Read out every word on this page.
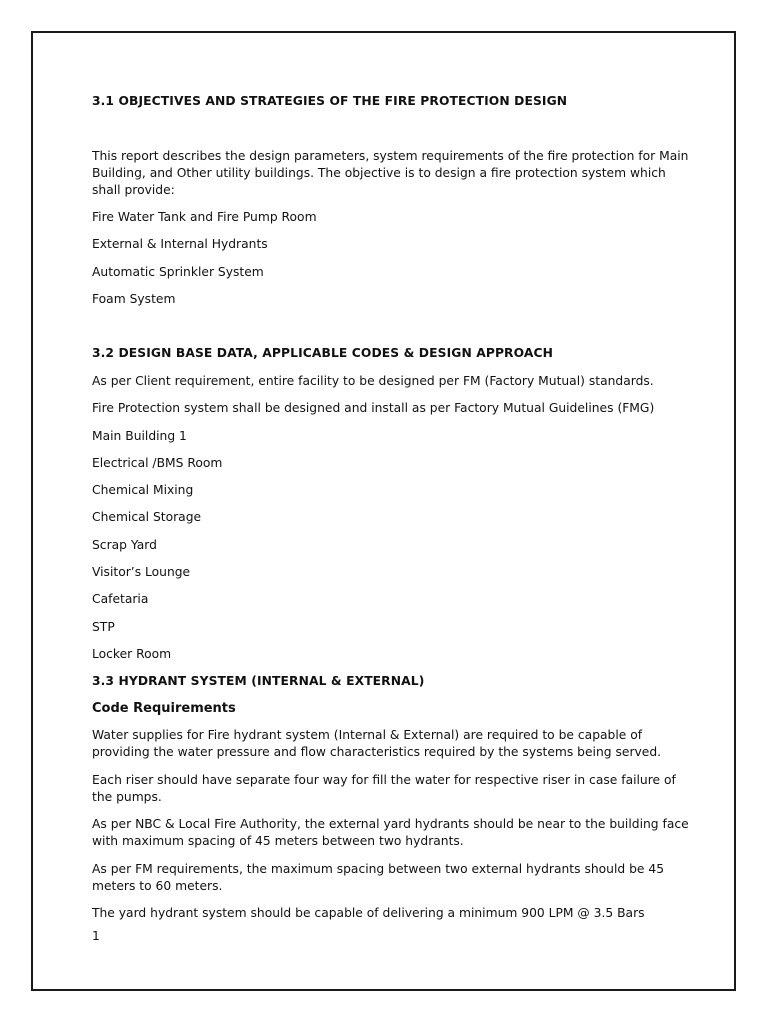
3.1 OBJECTIVES AND STRATEGIES OF THE FIRE PROTECTION DESIGN

This report describes the design parameters, system requirements of the fire protection for Main Building, and Other utility buildings. The objective is to design a fire protection system which shall provide:

Fire Water Tank and Fire Pump Room

External & Internal Hydrants

Automatic Sprinkler System

Foam System

3.2 DESIGN BASE DATA, APPLICABLE CODES & DESIGN APPROACH

As per Client requirement, entire facility to be designed per FM (Factory Mutual) standards.

Fire Protection system shall be designed and install as per Factory Mutual Guidelines (FMG)

Main Building 1

Electrical /BMS Room

Chemical Mixing

Chemical Storage

Scrap Yard

Visitor’s Lounge

Cafetaria

STP

Locker Room

3.3 HYDRANT SYSTEM (INTERNAL & EXTERNAL)

Code Requirements

Water supplies for Fire hydrant system (Internal & External) are required to be capable of providing the water pressure and flow characteristics required by the systems being served.

Each riser should have separate four way for fill the water for respective riser in case failure of the pumps.

As per NBC & Local Fire Authority, the external yard hydrants should be near to the building face with maximum spacing of 45 meters between two hydrants.

As per FM requirements, the maximum spacing between two external hydrants should be 45 meters to 60 meters.

The yard hydrant system should be capable of delivering a minimum 900 LPM @ 3.5 Bars

1
